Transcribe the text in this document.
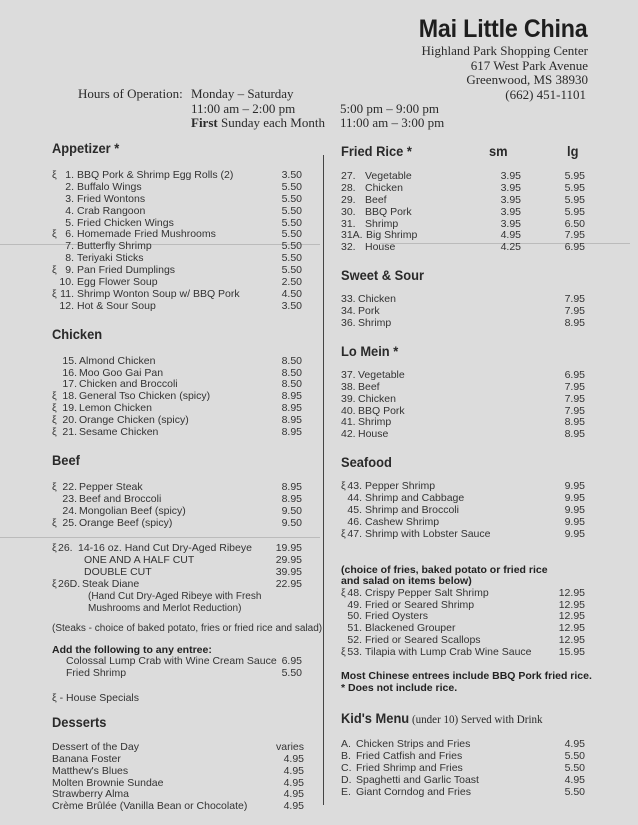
Mai Little China
Highland Park Shopping Center
617 West Park Avenue
Greenwood, MS 38930
(662) 451-1101
Hours of Operation: Monday – Saturday
11:00 am – 2:00 pm
First Sunday each Month
5:00 pm – 9:00 pm
11:00 am – 3:00 pm
Appetizer *
ξ 1. BBQ Pork & Shrimp Egg Rolls (2)	3.50
2. Buffalo Wings	5.50
3. Fried Wontons	5.50
4. Crab Rangoon	5.50
5. Fried Chicken Wings	5.50
ξ 6. Homemade Fried Mushrooms	5.50
7. Butterfly Shrimp	5.50
8. Teriyaki Sticks	5.50
ξ 9. Pan Fried Dumplings	5.50
10. Egg Flower Soup	2.50
ξ 11. Shrimp Wonton Soup w/ BBQ Pork	4.50
12. Hot & Sour Soup	3.50
Chicken
15. Almond Chicken	8.50
16. Moo Goo Gai Pan	8.50
17. Chicken and Broccoli	8.50
ξ 18. General Tso Chicken (spicy)	8.95
ξ 19. Lemon Chicken	8.95
ξ 20. Orange Chicken (spicy)	8.95
ξ 21. Sesame Chicken	8.95
Beef
ξ 22. Pepper Steak	8.95
23. Beef and Broccoli	8.95
24. Mongolian Beef (spicy)	9.50
ξ 25. Orange Beef (spicy)	9.50
ξ 26. 14-16 oz. Hand Cut Dry-Aged Ribeye	19.95
ONE AND A HALF CUT	29.95
DOUBLE CUT	39.95
ξ 26D. Steak Diane	22.95
(Hand Cut Dry-Aged Ribeye with Fresh
Mushrooms and Merlot Reduction)
(Steaks - choice of baked potato, fries or fried rice and salad)
Add the following to any entree:
Colossal Lump Crab with Wine Cream Sauce 6.95
Fried Shrimp	5.50
ξ - House Specials
Desserts
Dessert of the Day	varies
Banana Foster	4.95
Matthew's Blues	4.95
Molten Brownie Sundae	4.95
Strawberry Alma	4.95
Crème Brûlée (Vanilla Bean or Chocolate)	4.95
Fried Rice *	sm	lg
27. Vegetable	3.95	5.95
28. Chicken	3.95	5.95
29. Beef	3.95	5.95
30. BBQ Pork	3.95	5.95
31. Shrimp	3.95	6.50
31A. Big Shrimp	4.95	7.95
32. House	4.25	6.95
Sweet & Sour
33. Chicken	7.95
34. Pork	7.95
36. Shrimp	8.95
Lo Mein *
37. Vegetable	6.95
38. Beef	7.95
39. Chicken	7.95
40. BBQ Pork	7.95
41. Shrimp	8.95
42. House	8.95
Seafood
ξ 43. Pepper Shrimp	9.95
44. Shrimp and Cabbage	9.95
45. Shrimp and Broccoli	9.95
46. Cashew Shrimp	9.95
ξ 47. Shrimp with Lobster Sauce	9.95
(choice of fries, baked potato or fried rice
and salad on items below)
ξ 48. Crispy Pepper Salt Shrimp	12.95
49. Fried or Seared Shrimp	12.95
50. Fried Oysters	12.95
51. Blackened Grouper	12.95
52. Fried or Seared Scallops	12.95
ξ 53. Tilapia with Lump Crab Wine Sauce	15.95
Most Chinese entrees include BBQ Pork fried rice.
* Does not include rice.
Kid's Menu (under 10) Served with Drink
A. Chicken Strips and Fries	4.95
B. Fried Catfish and Fries	5.50
C. Fried Shrimp and Fries	5.50
D. Spaghetti and Garlic Toast	4.95
E. Giant Corndog and Fries	5.50
